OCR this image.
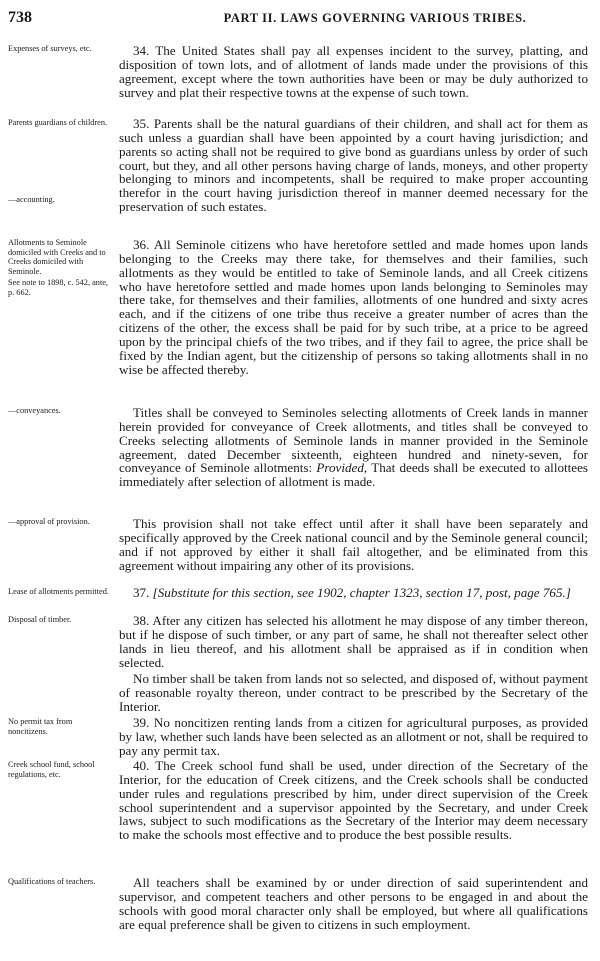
738	PART II. LAWS GOVERNING VARIOUS TRIBES.
Expenses of surveys, etc.	34. The United States shall pay all expenses incident to the survey, platting, and disposition of town lots, and of allotment of lands made under the provisions of this agreement, except where the town authorities have been or may be duly authorized to survey and plat their respective towns at the expense of such town.
Parents guardians of children.	35. Parents shall be the natural guardians of their children, and shall act for them as such unless a guardian shall have been appointed by a court having jurisdiction; and parents so acting shall not be required to give bond as guardians unless by order of such court, but they, and all other persons having charge of lands, moneys, and other property belonging to minors and incompetents, shall be required to make proper accounting therefor in the court having jurisdiction thereof in manner deemed necessary for the preservation of such estates.
—accounting.
Allotments to Seminole domiciled with Creeks and to Creeks domiciled with Seminole.
See note to 1898, c. 542, ante, p. 662.
36. All Seminole citizens who have heretofore settled and made homes upon lands belonging to the Creeks may there take, for themselves and their families, such allotments as they would be entitled to take of Seminole lands, and all Creek citizens who have heretofore settled and made homes upon lands belonging to Seminoles may there take, for themselves and their families, allotments of one hundred and sixty acres each, and if the citizens of one tribe thus receive a greater number of acres than the citizens of the other, the excess shall be paid for by such tribe, at a price to be agreed upon by the principal chiefs of the two tribes, and if they fail to agree, the price shall be fixed by the Indian agent, but the citizenship of persons so taking allotments shall in no wise be affected thereby.
—conveyances.	Titles shall be conveyed to Seminoles selecting allotments of Creek lands in manner herein provided for conveyance of Creek allotments, and titles shall be conveyed to Creeks selecting allotments of Seminole lands in manner provided in the Seminole agreement, dated December sixteenth, eighteen hundred and ninety-seven, for conveyance of Seminole allotments: Provided, That deeds shall be executed to allottees immediately after selection of allotment is made.
—approval of provision.	This provision shall not take effect until after it shall have been separately and specifically approved by the Creek national council and by the Seminole general council; and if not approved by either it shall fail altogether, and be eliminated from this agreement without impairing any other of its provisions.
Lease of allotments permitted.	37. [Substitute for this section, see 1902, chapter 1323, section 17, post, page 765.]
Disposal of timber.	38. After any citizen has selected his allotment he may dispose of any timber thereon, but if he dispose of such timber, or any part of same, he shall not thereafter select other lands in lieu thereof, and his allotment shall be appraised as if in condition when selected.
No timber shall be taken from lands not so selected, and disposed of, without payment of reasonable royalty thereon, under contract to be prescribed by the Secretary of the Interior.
No permit tax from noncitizens.
39. No noncitizen renting lands from a citizen for agricultural purposes, as provided by law, whether such lands have been selected as an allotment or not, shall be required to pay any permit tax.
Creek school fund, school regulations, etc.
40. The Creek school fund shall be used, under direction of the Secretary of the Interior, for the education of Creek citizens, and the Creek schools shall be conducted under rules and regulations prescribed by him, under direct supervision of the Creek school superintendent and a supervisor appointed by the Secretary, and under Creek laws, subject to such modifications as the Secretary of the Interior may deem necessary to make the schools most effective and to produce the best possible results.
Qualifications of teachers.	All teachers shall be examined by or under direction of said superintendent and supervisor, and competent teachers and other persons to be engaged in and about the schools with good moral character only shall be employed, but where all qualifications are equal preference shall be given to citizens in such employment.
